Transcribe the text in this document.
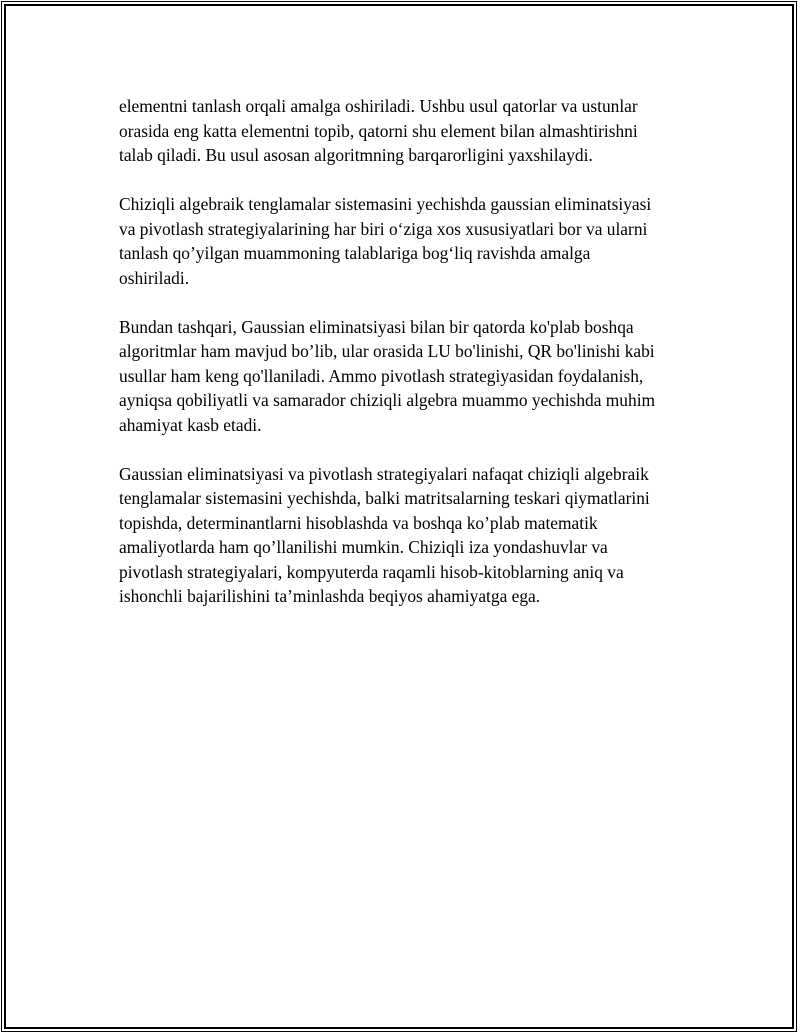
elementni tanlash orqali amalga oshiriladi. Ushbu usul qatorlar va ustunlar
orasida eng katta elementni topib, qatorni shu element bilan almashtirishni
talab qiladi. Bu usul asosan algoritmning barqarorligini yaxshilaydi.

Chiziqli algebraik tenglamalar sistemasini yechishda gaussian eliminatsiyasi
va pivotlash strategiyalarining har biri o‘ziga xos xususiyatlari bor va ularni
tanlash qo’yilgan muammoning talablariga bog‘liq ravishda amalga
oshiriladi.

Bundan tashqari, Gaussian eliminatsiyasi bilan bir qatorda ko'plab boshqa
algoritmlar ham mavjud bo’lib, ular orasida LU bo'linishi, QR bo'linishi kabi
usullar ham keng qo'llaniladi. Ammo pivotlash strategiyasidan foydalanish,
ayniqsa qobiliyatli va samarador chiziqli algebra muammo yechishda muhim
ahamiyat kasb etadi.

Gaussian eliminatsiyasi va pivotlash strategiyalari nafaqat chiziqli algebraik
tenglamalar sistemasini yechishda, balki matritsalarning teskari qiymatlarini
topishda, determinantlarni hisoblashda va boshqa ko’plab matematik
amaliyotlarda ham qo’llanilishi mumkin. Chiziqli iza yondashuvlar va
pivotlash strategiyalari, kompyuterda raqamli hisob-kitoblarning aniq va
ishonchli bajarilishini ta’minlashda beqiyos ahamiyatga ega.
